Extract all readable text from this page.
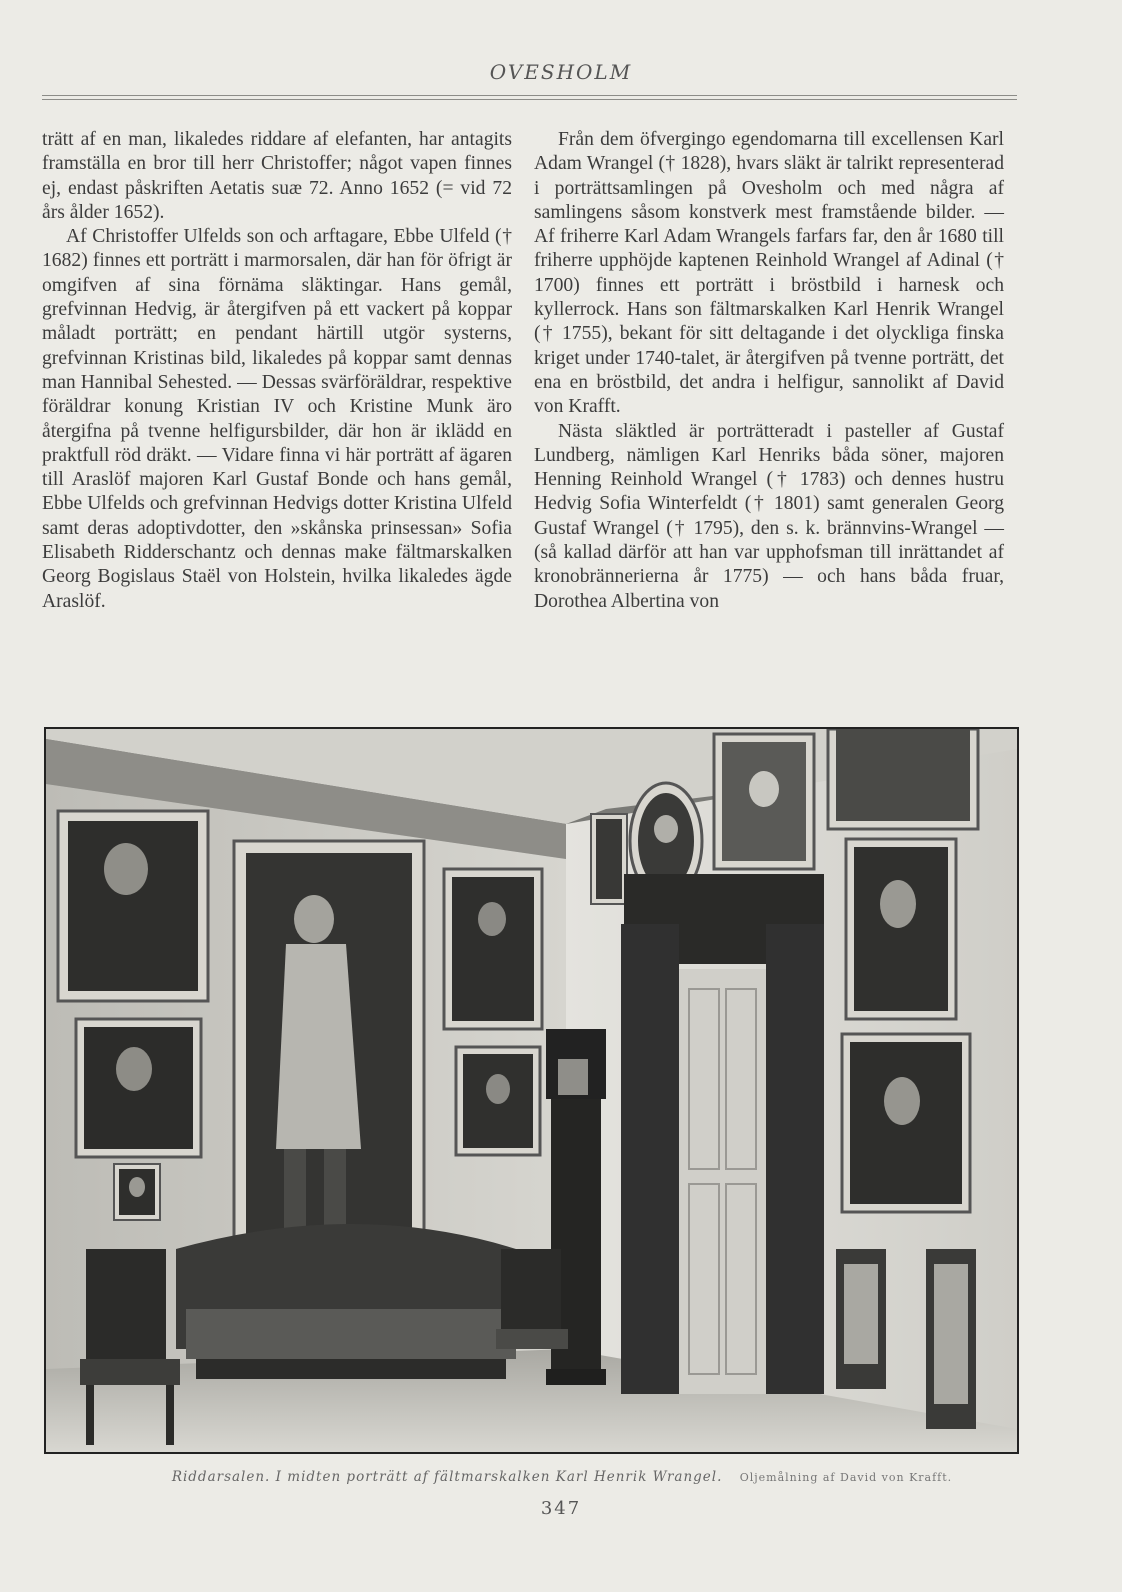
OVESHOLM

trätt af en man, likaledes riddare af elefanten, har antagits framställa en bror till herr Christoffer; något vapen finnes ej, endast påskriften Aetatis suæ 72. Anno 1652 (= vid 72 års ålder 1652).

Af Christoffer Ulfelds son och arftagare, Ebbe Ulfeld († 1682) finnes ett porträtt i marmorsalen, där han för öfrigt är omgifven af sina förnäma släktingar. Hans gemål, grefvinnan Hedvig, är återgifven på ett vackert på koppar måladt porträtt; en pendant härtill utgör systerns, grefvinnan Kristinas bild, likaledes på koppar samt dennas man Hannibal Sehested. — Dessas svärföräldrar, respektive föräldrar konung Kristian IV och Kristine Munk äro återgifna på tvenne helfigursbilder, där hon är iklädd en praktfull röd dräkt. — Vidare finna vi här porträtt af ägaren till Araslöf majoren Karl Gustaf Bonde och hans gemål, Ebbe Ulfelds och grefvinnan Hedvigs dotter Kristina Ulfeld samt deras adoptivdotter, den »skånska prinsessan» Sofia Elisabeth Ridderschantz och dennas make fältmarskalken Georg Bogislaus Staël von Holstein, hvilka likaledes ägde Araslöf.

Från dem öfvergingo egendomarna till excellensen Karl Adam Wrangel († 1828), hvars släkt är talrikt representerad i porträttsamlingen på Ovesholm och med några af samlingens såsom konstverk mest framstående bilder. — Af friherre Karl Adam Wrangels farfars far, den år 1680 till friherre upphöjde kaptenen Reinhold Wrangel af Adinal († 1700) finnes ett porträtt i bröstbild i harnesk och kyllerrock. Hans son fältmarskalken Karl Henrik Wrangel († 1755), bekant för sitt deltagande i det olyckliga finska kriget under 1740-talet, är återgifven på tvenne porträtt, det ena en bröstbild, det andra i helfigur, sannolikt af David von Krafft.

Nästa släktled är porträtteradt i pasteller af Gustaf Lundberg, nämligen Karl Henriks båda söner, majoren Henning Reinhold Wrangel († 1783) och dennes hustru Hedvig Sofia Winterfeldt († 1801) samt generalen Georg Gustaf Wrangel († 1795), den s. k. brännvins-Wrangel — (så kallad därför att han var upphofsman till inrättandet af kronobrännerierna år 1775) — och hans båda fruar, Dorothea Albertina von

Riddarsalen. I midten porträtt af fältmarskalken Karl Henrik Wrangel. Oljemålning af David von Krafft.
347
